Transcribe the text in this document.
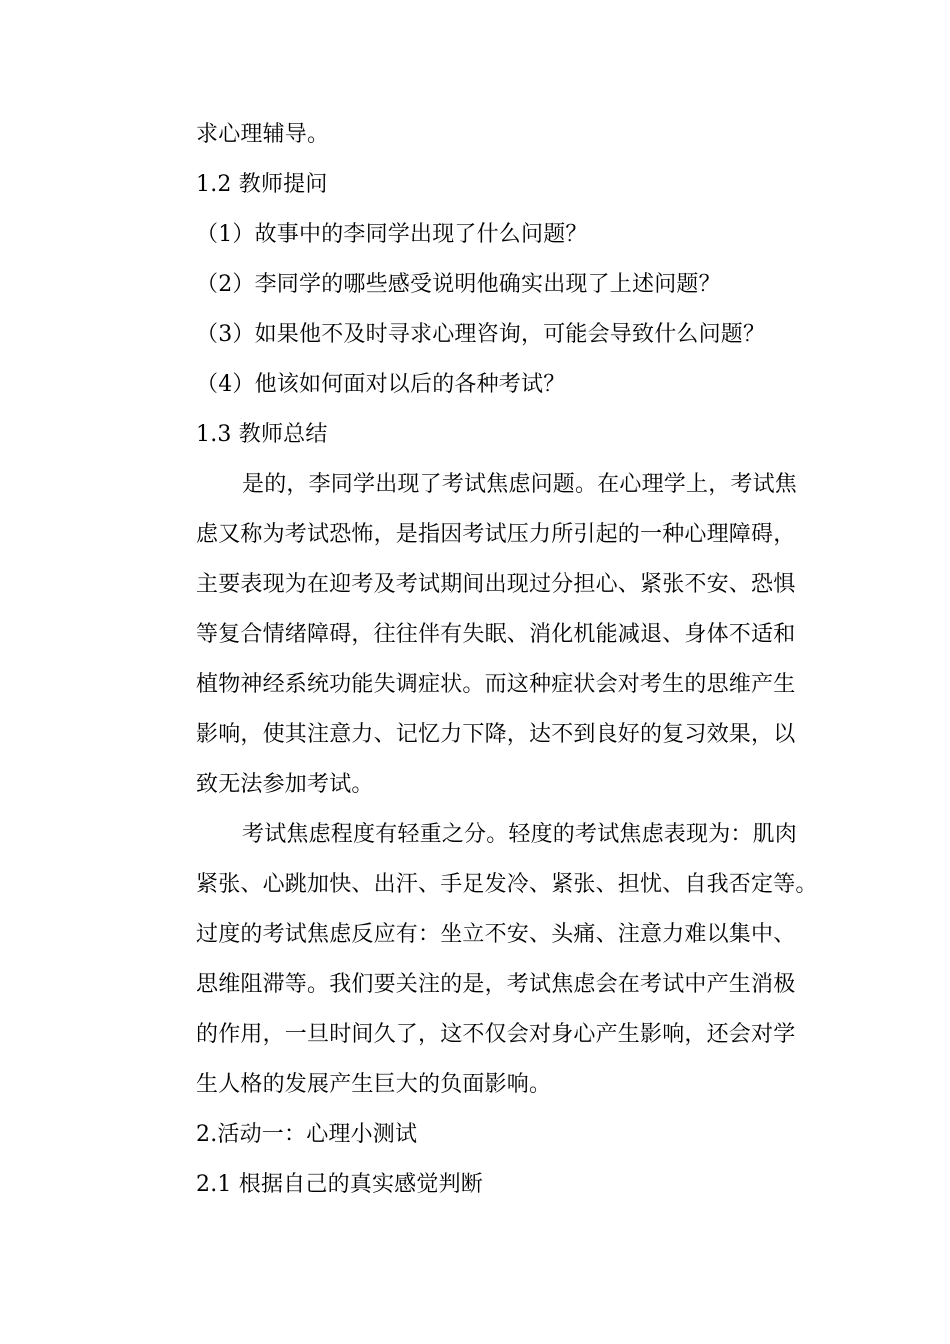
求心理辅导。
1.2 教师提问
（1）故事中的李同学出现了什么问题？
（2）李同学的哪些感受说明他确实出现了上述问题？
（3）如果他不及时寻求心理咨询，可能会导致什么问题？
（4）他该如何面对以后的各种考试？
1.3 教师总结
是的，李同学出现了考试焦虑问题。在心理学上，考试焦
虑又称为考试恐怖，是指因考试压力所引起的一种心理障碍，
主要表现为在迎考及考试期间出现过分担心、紧张不安、恐惧
等复合情绪障碍，往往伴有失眠、消化机能减退、身体不适和
植物神经系统功能失调症状。而这种症状会对考生的思维产生
影响，使其注意力、记忆力下降，达不到良好的复习效果，以
致无法参加考试。
考试焦虑程度有轻重之分。轻度的考试焦虑表现为：肌肉
紧张、心跳加快、出汗、手足发冷、紧张、担忧、自我否定等。
过度的考试焦虑反应有：坐立不安、头痛、注意力难以集中、
思维阻滞等。我们要关注的是，考试焦虑会在考试中产生消极
的作用，一旦时间久了，这不仅会对身心产生影响，还会对学
生人格的发展产生巨大的负面影响。
2.活动一：心理小测试
2.1 根据自己的真实感觉判断
